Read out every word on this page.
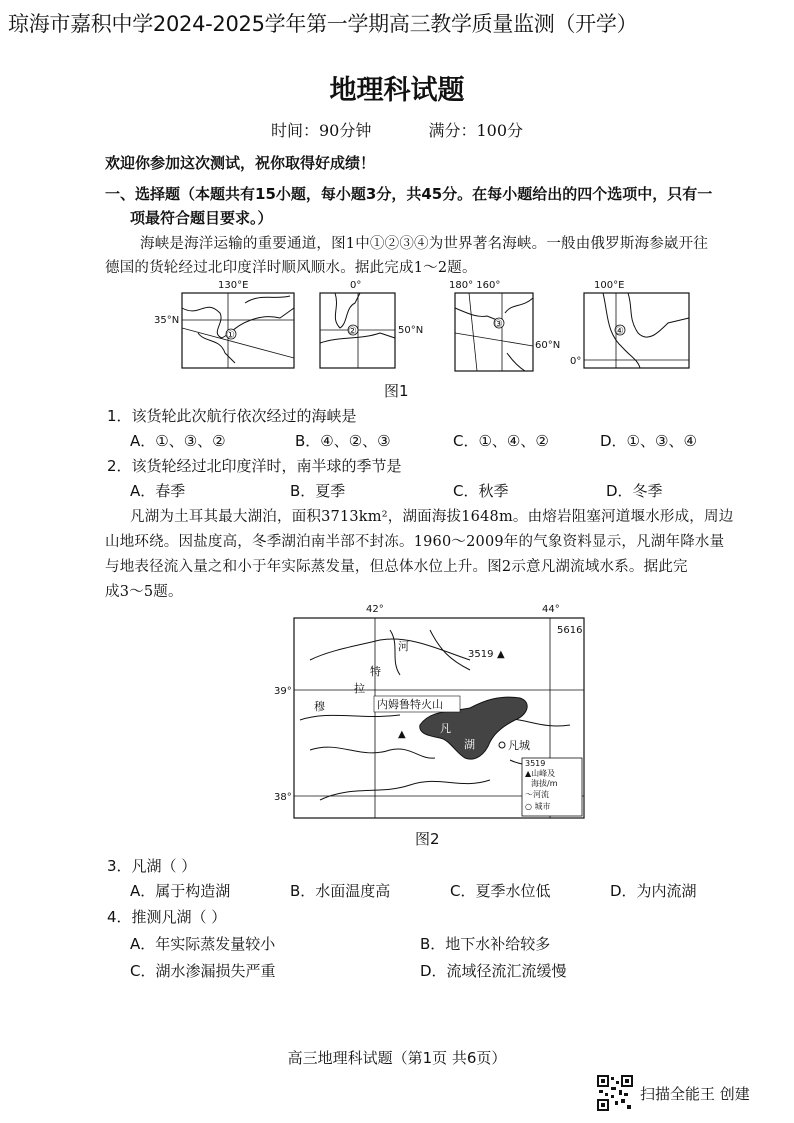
琼海市嘉积中学2024-2025学年第一学期高三教学质量监测（开学）
地理科试题
时间：90分钟	满分：100分
欢迎你参加这次测试，祝你取得好成绩！
一、选择题（本题共有15小题，每小题3分，共45分。在每小题给出的四个选项中，只有一
项最符合题目要求。）
海峡是海洋运输的重要通道，图1中①②③④为世界著名海峡。一般由俄罗斯海参崴开往
德国的货轮经过北印度洋时顺风顺水。据此完成1～2题。
130°E
35°N
①
0°
50°N
②
180° 160°
60°N
③
100°E
0°
④
图1
1．该货轮此次航行依次经过的海峡是
A．①、③、②	B．④、②、③	C．①、④、②	D．①、③、④
2．该货轮经过北印度洋时，南半球的季节是
A．春季	B．夏季	C．秋季	D．冬季
凡湖为土耳其最大湖泊，面积3713km²，湖面海拔1648m。由熔岩阻塞河道堰水形成，周边
山地环绕。因盐度高，冬季湖泊南半部不封冻。1960～2009年的气象资料显示，凡湖年降水量
与地表径流入量之和小于年实际蒸发量，但总体水位上升。图2示意凡湖流域水系。据此完
成3～5题。
42°	44°
39°
38°
3519 ▲
5616
▲
河
特
拉
穆	内姆鲁特火山
凡
湖	凡城
3519
▲山峰及
海拔/m
～河流
○ 城市
图2
3．凡湖（ ）
A．属于构造湖	B．水面温度高	C．夏季水位低	D．为内流湖
4．推测凡湖（ ）
A．年实际蒸发量较小	B．地下水补给较多
C．湖水渗漏损失严重	D．流域径流汇流缓慢
高三地理科试题（第1页 共6页）
扫描全能王 创建
